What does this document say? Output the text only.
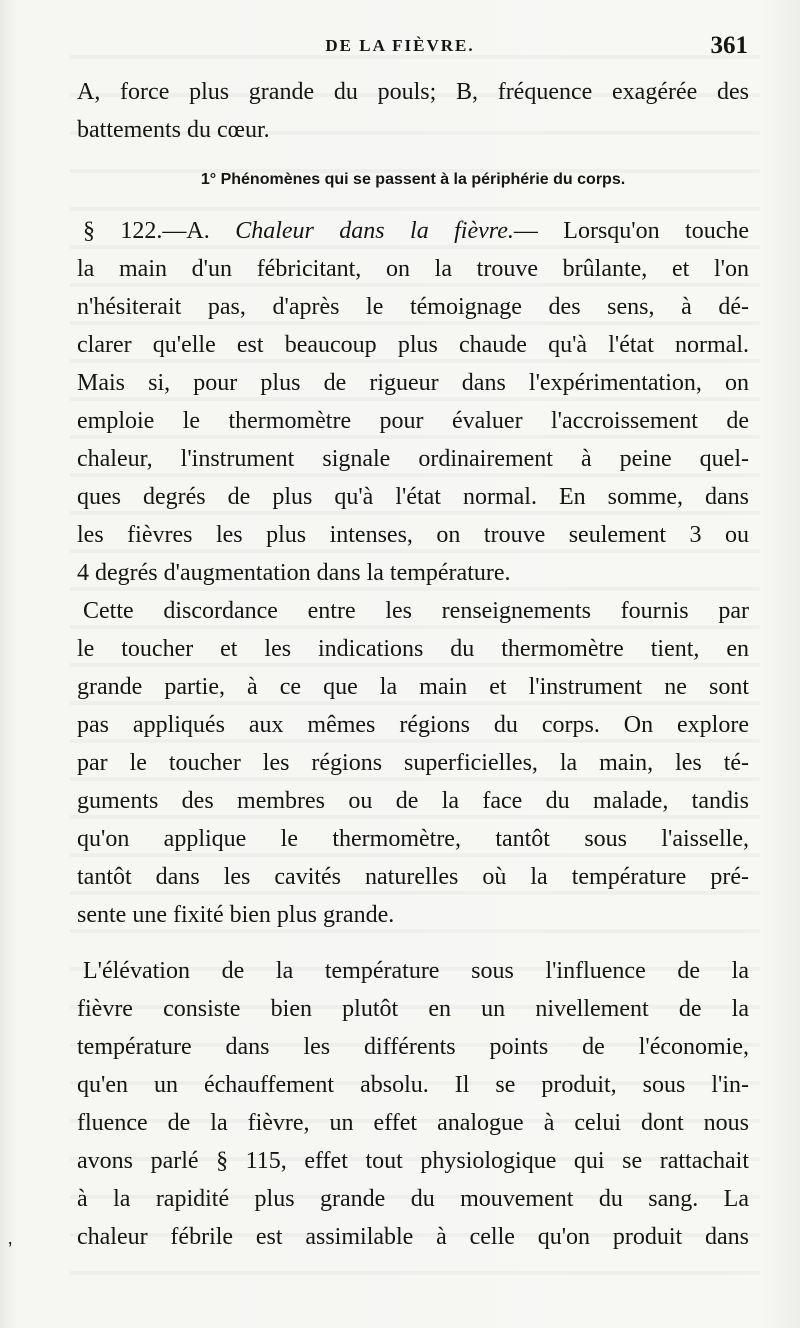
DE LA FIÈVRE.	361
A, force plus grande du pouls; B, fréquence exagérée des
battements du cœur.
1° Phénomènes qui se passent à la périphérie du corps.
§ 122.—A. Chaleur dans la fièvre.— Lorsqu'on touche
la main d'un fébricitant, on la trouve brûlante, et l'on
n'hésiterait pas, d'après le témoignage des sens, à dé-
clarer qu'elle est beaucoup plus chaude qu'à l'état normal.
Mais si, pour plus de rigueur dans l'expérimentation, on
emploie le thermomètre pour évaluer l'accroissement de
chaleur, l'instrument signale ordinairement à peine quel-
ques degrés de plus qu'à l'état normal. En somme, dans
les fièvres les plus intenses, on trouve seulement 3 ou
4 degrés d'augmentation dans la température.
Cette discordance entre les renseignements fournis par
le toucher et les indications du thermomètre tient, en
grande partie, à ce que la main et l'instrument ne sont
pas appliqués aux mêmes régions du corps. On explore
par le toucher les régions superficielles, la main, les té-
guments des membres ou de la face du malade, tandis
qu'on applique le thermomètre, tantôt sous l'aisselle,
tantôt dans les cavités naturelles où la température pré-
sente une fixité bien plus grande.
L'élévation de la température sous l'influence de la
fièvre consiste bien plutôt en un nivellement de la
température dans les différents points de l'économie,
qu'en un échauffement absolu. Il se produit, sous l'in-
fluence de la fièvre, un effet analogue à celui dont nous
avons parlé § 115, effet tout physiologique qui se rattachait
à la rapidité plus grande du mouvement du sang. La
chaleur fébrile est assimilable à celle qu'on produit dans
ʼ
